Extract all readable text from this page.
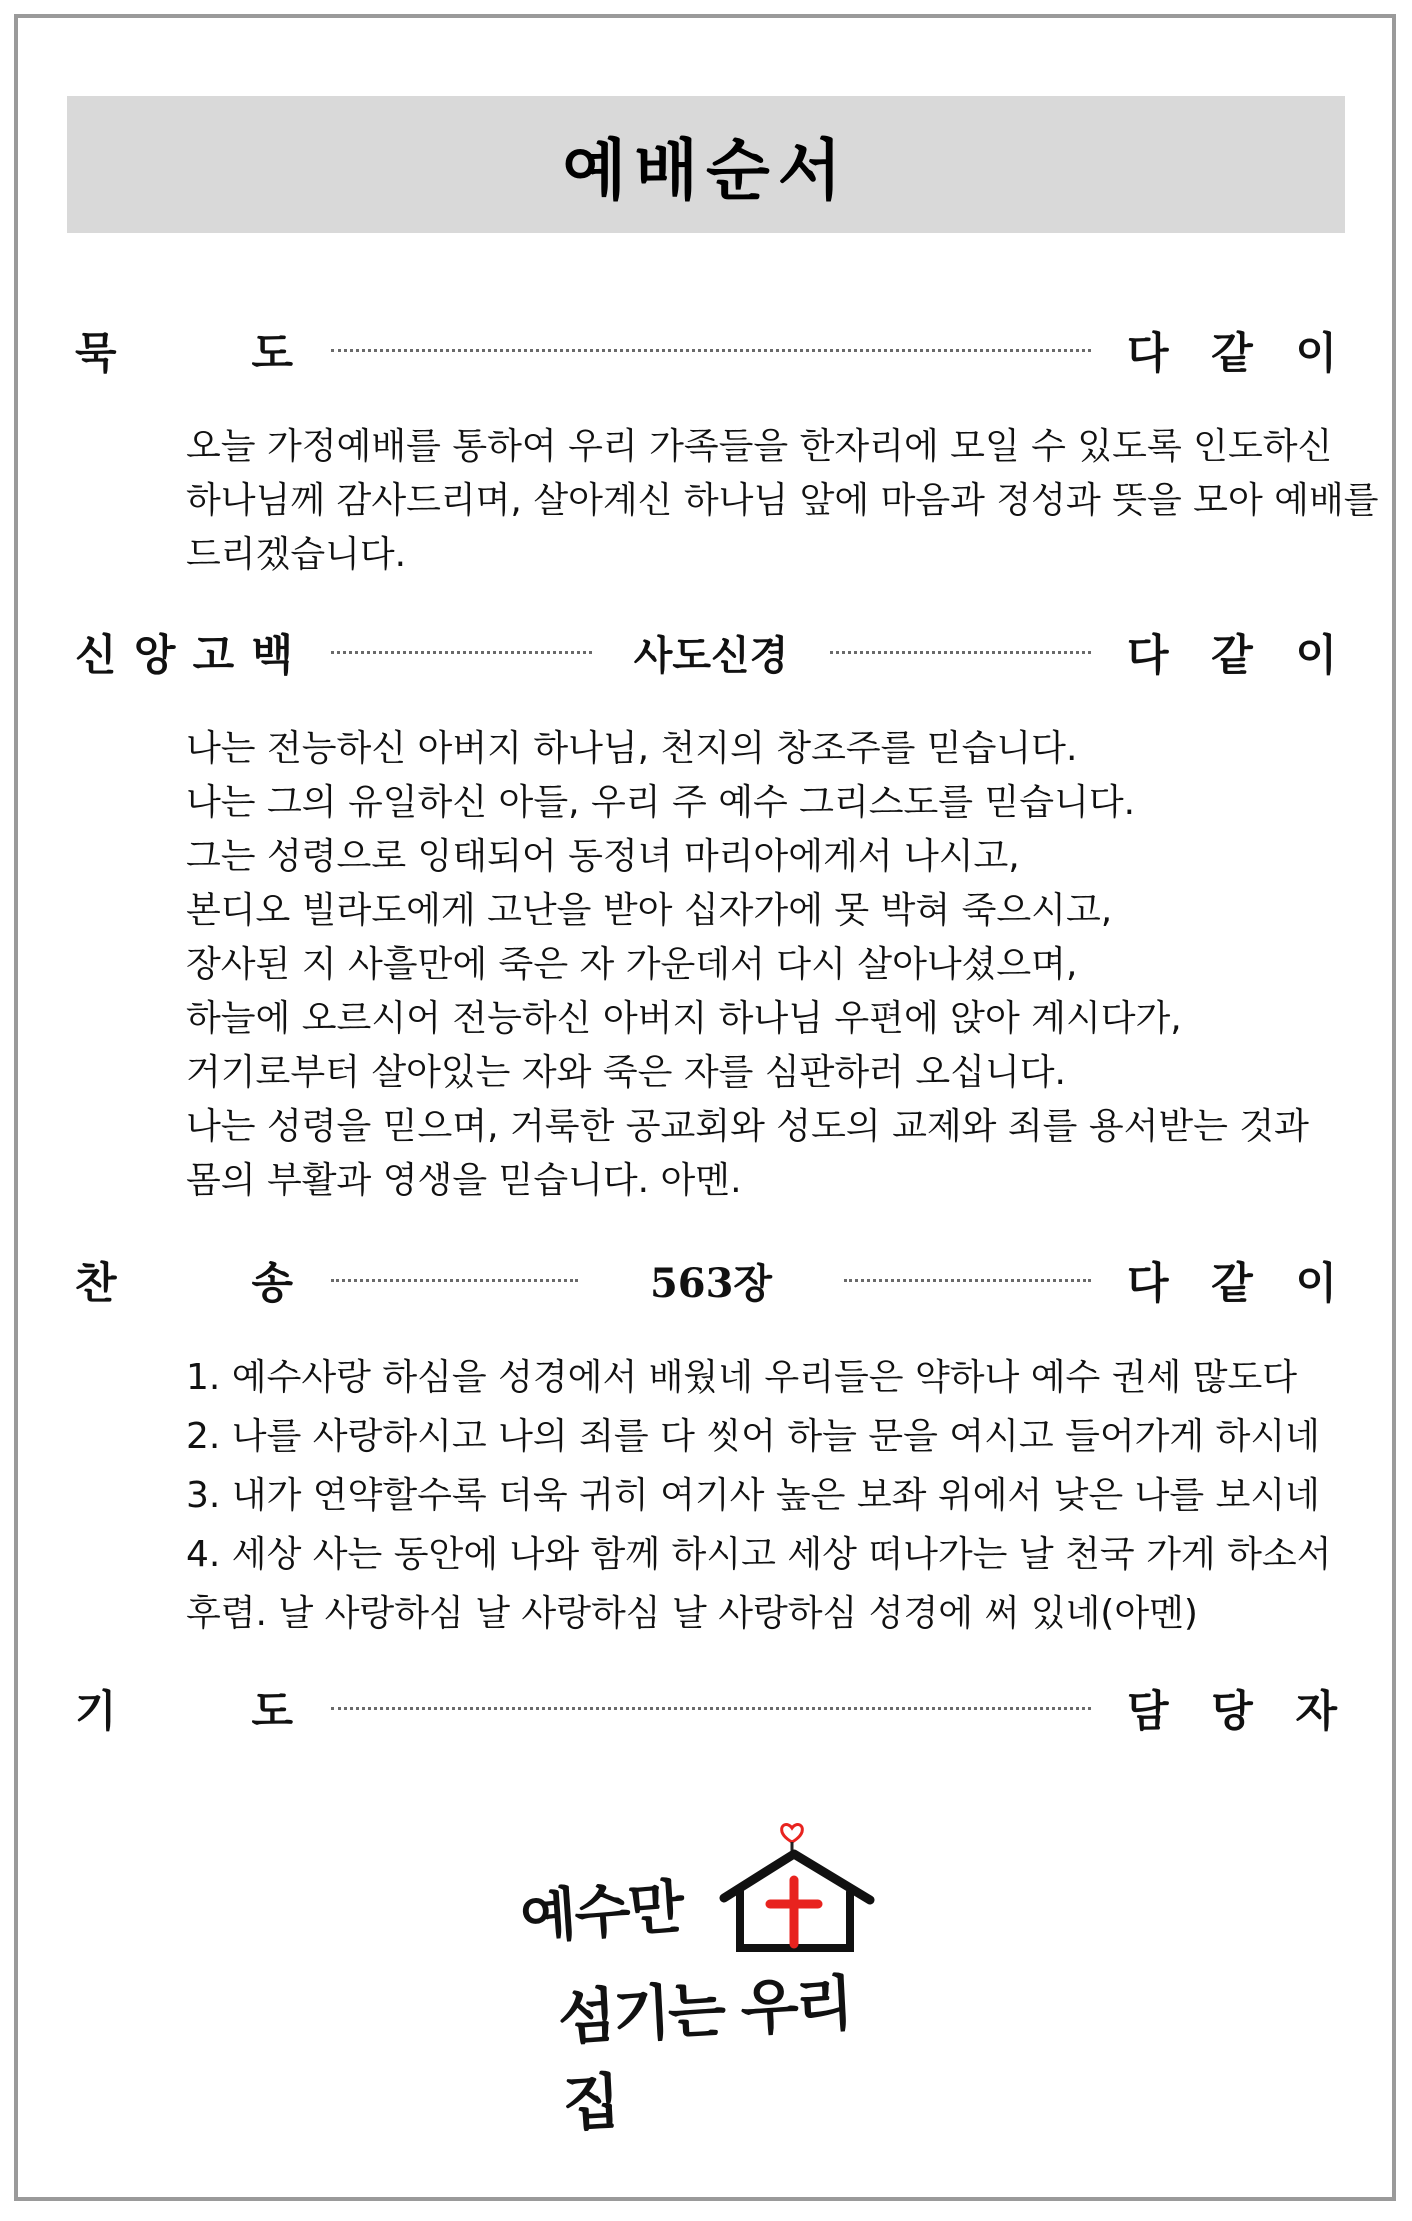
예배순서
묵	도	다 같 이
오늘 가정예배를 통하여 우리 가족들을 한자리에 모일 수 있도록 인도하신
하나님께 감사드리며, 살아계신 하나님 앞에 마음과 정성과 뜻을 모아 예배를
드리겠습니다.
신 앙 고 백	사도신경	다 같 이
나는 전능하신 아버지 하나님, 천지의 창조주를 믿습니다.
나는 그의 유일하신 아들, 우리 주 예수 그리스도를 믿습니다.
그는 성령으로 잉태되어 동정녀 마리아에게서 나시고,
본디오 빌라도에게 고난을 받아 십자가에 못 박혀 죽으시고,
장사된 지 사흘만에 죽은 자 가운데서 다시 살아나셨으며,
하늘에 오르시어 전능하신 아버지 하나님 우편에 앉아 계시다가,
거기로부터 살아있는 자와 죽은 자를 심판하러 오십니다.
나는 성령을 믿으며, 거룩한 공교회와 성도의 교제와 죄를 용서받는 것과
몸의 부활과 영생을 믿습니다. 아멘.
찬	송	563장	다 같 이
1. 예수사랑 하심을 성경에서 배웠네 우리들은 약하나 예수 권세 많도다
2. 나를 사랑하시고 나의 죄를 다 씻어 하늘 문을 여시고 들어가게 하시네
3. 내가 연약할수록 더욱 귀히 여기사 높은 보좌 위에서 낮은 나를 보시네
4. 세상 사는 동안에 나와 함께 하시고 세상 떠나가는 날 천국 가게 하소서
후렴. 날 사랑하심 날 사랑하심 날 사랑하심 성경에 써 있네(아멘)
기	도	담 당 자
예수만
섬기는 우리집
